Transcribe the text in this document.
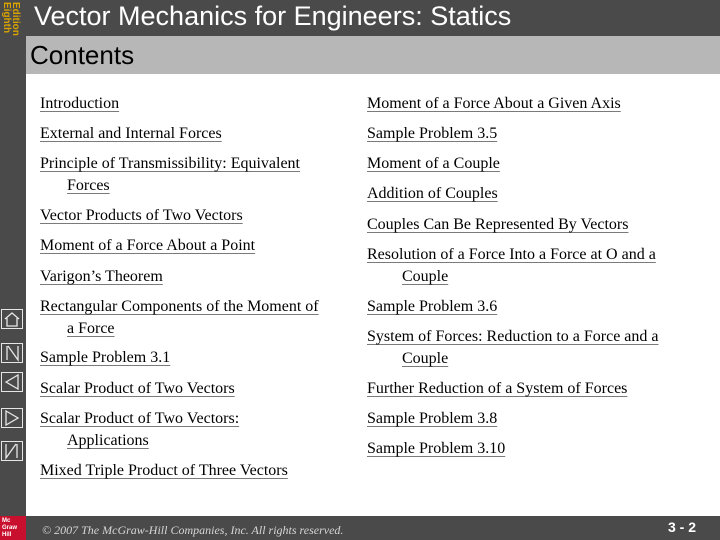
Eighth
Edition
Mc
Graw
Hill
Vector Mechanics for Engineers: Statics
Contents
Introduction
External and Internal Forces
Principle of Transmissibility: Equivalent
Forces
Vector Products of Two Vectors
Moment of a Force About a Point
Varigon’s Theorem
Rectangular Components of the Moment of
a Force
Sample Problem 3.1
Scalar Product of Two Vectors
Scalar Product of Two Vectors:
Applications
Mixed Triple Product of Three Vectors
Moment of a Force About a Given Axis
Sample Problem 3.5
Moment of a Couple
Addition of Couples
Couples Can Be Represented By Vectors
Resolution of a Force Into a Force at O and a
Couple
Sample Problem 3.6
System of Forces: Reduction to a Force and a
Couple
Further Reduction of a System of Forces
Sample Problem 3.8
Sample Problem 3.10
© 2007 The McGraw-Hill Companies, Inc. All rights reserved.	3 - 2
